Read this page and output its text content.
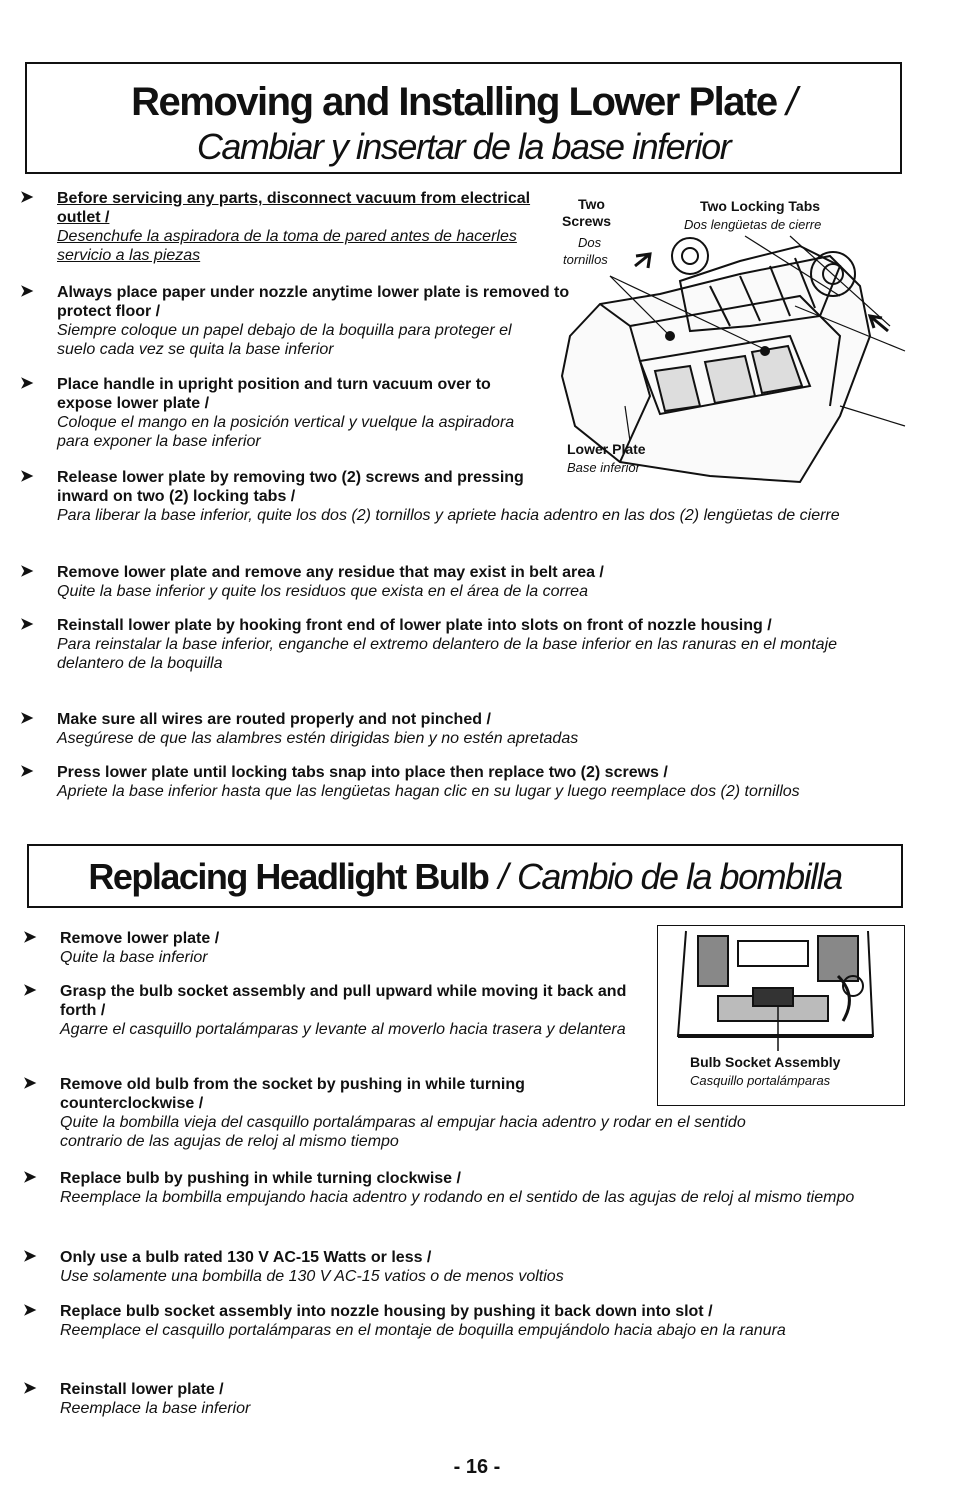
Removing and Installing Lower Plate /
Cambiar y insertar de la base inferior
Two
Screws
Dos
tornillos
Two Locking Tabs
Dos lengüetas de cierre
Lower Plate
Base inferior
➤ Before servicing any parts, disconnect vacuum from electrical outlet /
Desenchufe la aspiradora de la toma de pared antes de hacerles servicio a las piezas
➤ Always place paper under nozzle anytime lower plate is removed to protect floor /
Siempre coloque un papel debajo de la boquilla para proteger el suelo cada vez se quita la base inferior
➤ Place handle in upright position and turn vacuum over to expose lower plate /
Coloque el mango en la posición vertical y vuelque la aspiradora para exponer la base inferior
➤ Release lower plate by removing two (2) screws and pressing inward on two (2) locking tabs /
Para liberar la base inferior, quite los dos (2) tornillos y apriete hacia adentro en las dos (2) lengüetas de cierre
➤ Remove lower plate and remove any residue that may exist in belt area /
Quite la base inferior y quite los residuos que exista en el área de la correa
➤ Reinstall lower plate by hooking front end of lower plate into slots on front of nozzle housing /
Para reinstalar la base inferior, enganche el extremo delantero de la base inferior en las ranuras en el montaje delantero de la boquilla
➤ Make sure all wires are routed properly and not pinched /
Asegúrese de que las alambres estén dirigidas bien y no estén apretadas
➤ Press lower plate until locking tabs snap into place then replace two (2) screws /
Apriete la base inferior hasta que las lengüetas hagan clic en su lugar y luego reemplace dos (2) tornillos
Replacing Headlight Bulb / Cambio de la bombilla
Bulb Socket Assembly
Casquillo portalámparas
➤ Remove lower plate /
Quite la base inferior
➤ Grasp the bulb socket assembly and pull upward while moving it back and forth /
Agarre el casquillo portalámparas y levante al moverlo hacia trasera y delantera
➤ Remove old bulb from the socket by pushing in while turning counterclockwise /
Quite la bombilla vieja del casquillo portalámparas al empujar hacia adentro y rodar en el sentido contrario de las agujas de reloj al mismo tiempo
➤ Replace bulb by pushing in while turning clockwise /
Reemplace la bombilla empujando hacia adentro y rodando en el sentido de las agujas de reloj al mismo tiempo
➤ Only use a bulb rated 130 V AC-15 Watts or less /
Use solamente una bombilla de 130 V AC-15 vatios o de menos voltios
➤ Replace bulb socket assembly into nozzle housing by pushing it back down into slot /
Reemplace el casquillo portalámparas en el montaje de boquilla empujándolo hacia abajo en la ranura
➤ Reinstall lower plate /
Reemplace la base inferior
- 16 -
